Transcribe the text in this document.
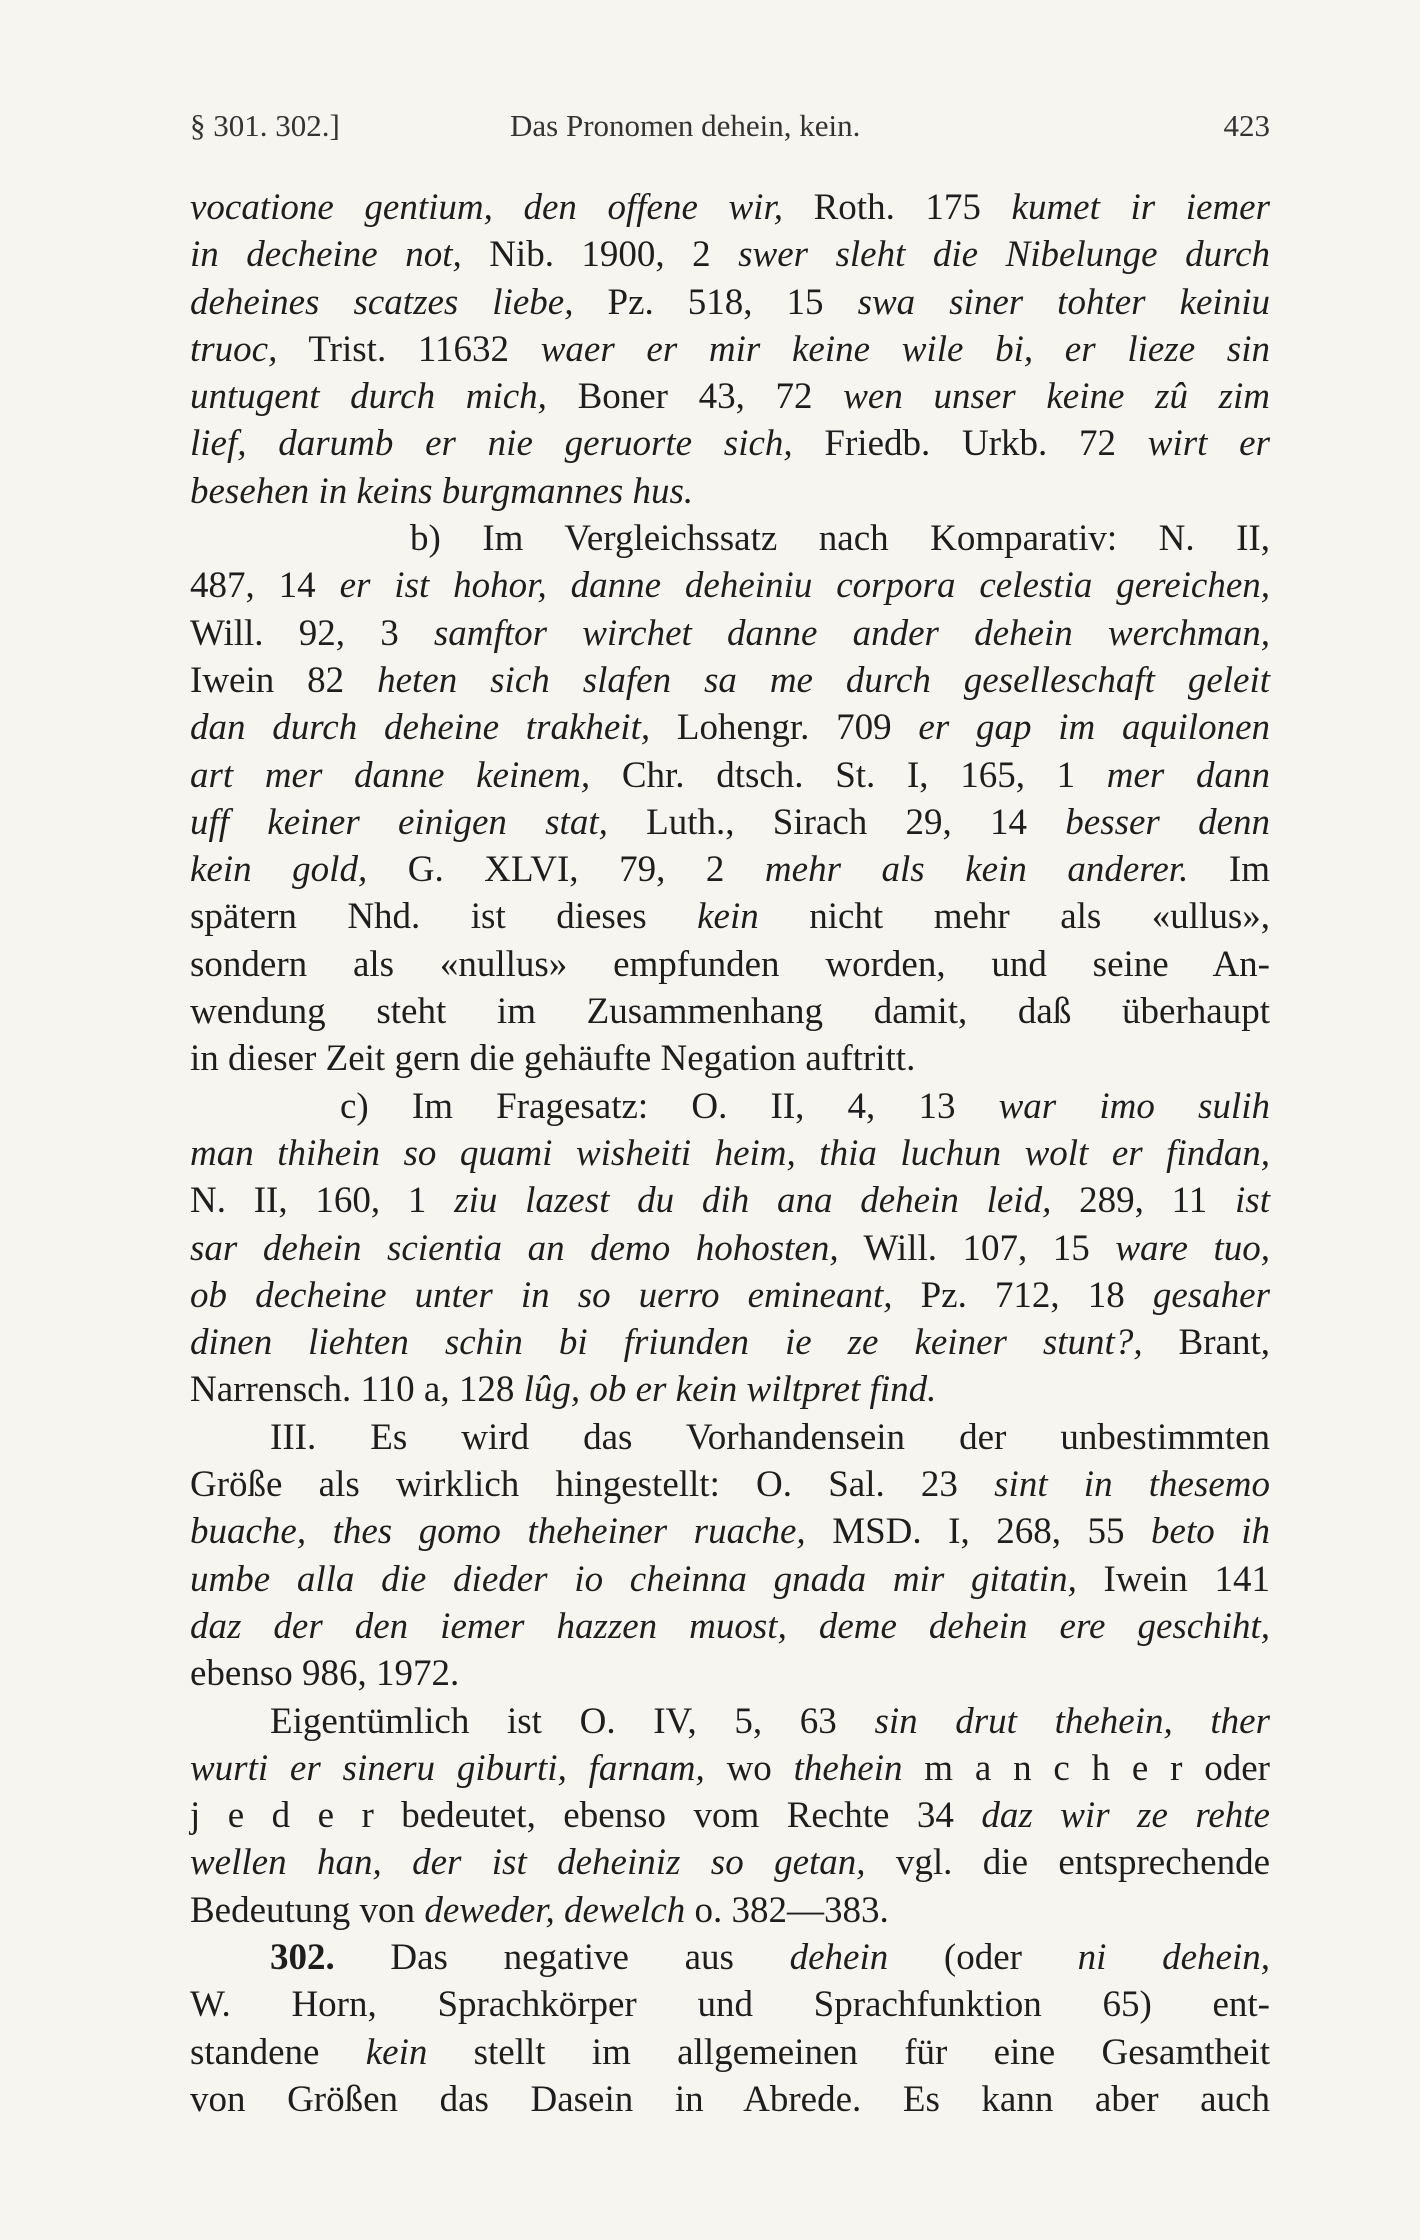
§ 301. 302.]	Das Pronomen dehein, kein.	423
vocatione gentium, den offene wir, Roth. 175 kumet ir iemer
in decheine not, Nib. 1900, 2 swer sleht die Nibelunge durch
deheines scatzes liebe, Pz. 518, 15 swa siner tohter keiniu
truoc, Trist. 11632 waer er mir keine wile bi, er lieze sin
untugent durch mich, Boner 43, 72 wen unser keine zû zim
lief, darumb er nie geruorte sich, Friedb. Urkb. 72 wirt er
besehen in keins burgmannes hus.
b) Im Vergleichssatz nach Komparativ: N. II,
487, 14 er ist hohor, danne deheiniu corpora celestia gereichen,
Will. 92, 3 samftor wirchet danne ander dehein werchman,
Iwein 82 heten sich slafen sa me durch geselleschaft geleit
dan durch deheine trakheit, Lohengr. 709 er gap im aquilonen
art mer danne keinem, Chr. dtsch. St. I, 165, 1 mer dann
uff keiner einigen stat, Luth., Sirach 29, 14 besser denn
kein gold, G. XLVI, 79, 2 mehr als kein anderer. Im
spätern Nhd. ist dieses kein nicht mehr als «ullus»,
sondern als «nullus» empfunden worden, und seine An-
wendung steht im Zusammenhang damit, daß überhaupt
in dieser Zeit gern die gehäufte Negation auftritt.
c) Im Fragesatz: O. II, 4, 13 war imo sulih
man thihein so quami wisheiti heim, thia luchun wolt er findan,
N. II, 160, 1 ziu lazest du dih ana dehein leid, 289, 11 ist
sar dehein scientia an demo hohosten, Will. 107, 15 ware tuo,
ob decheine unter in so uerro emineant, Pz. 712, 18 gesaher
dinen liehten schin bi friunden ie ze keiner stunt?, Brant,
Narrensch. 110 a, 128 lûg, ob er kein wiltpret find.
III. Es wird das Vorhandensein der unbestimmten
Größe als wirklich hingestellt: O. Sal. 23 sint in thesemo
buache, thes gomo theheiner ruache, MSD. I, 268, 55 beto ih
umbe alla die dieder io cheinna gnada mir gitatin, Iwein 141
daz der den iemer hazzen muost, deme dehein ere geschiht,
ebenso 986, 1972.
Eigentümlich ist O. IV, 5, 63 sin drut thehein, ther
wurti er sineru giburti, farnam, wo thehein m a n c h e r oder
j e d e r bedeutet, ebenso vom Rechte 34 daz wir ze rehte
wellen han, der ist deheiniz so getan, vgl. die entsprechende
Bedeutung von deweder, dewelch o. 382—383.
302. Das negative aus dehein (oder ni dehein,
W. Horn, Sprachkörper und Sprachfunktion 65) ent-
standene kein stellt im allgemeinen für eine Gesamtheit
von Größen das Dasein in Abrede. Es kann aber auch
